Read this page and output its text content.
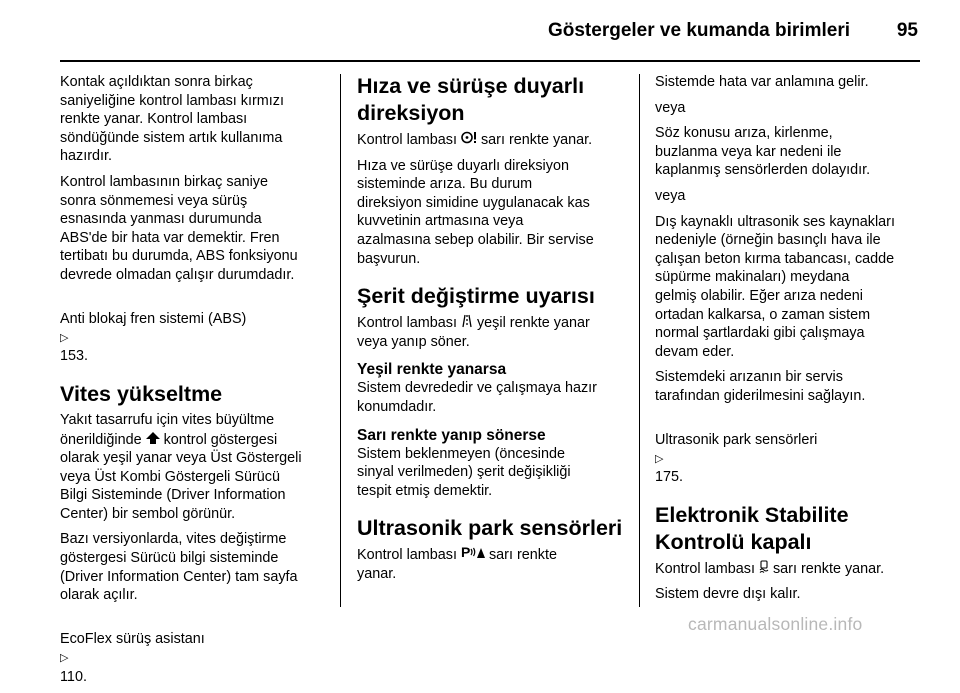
Göstergeler ve kumanda birimleri 95

Kontak açıldıktan sonra birkaç
saniyeliğine kontrol lambası kırmızı
renkte yanar. Kontrol lambası
söndüğünde sistem artık kullanıma
hazırdır.

Kontrol lambasının birkaç saniye
sonra sönmemesi veya sürüş
esnasında yanması durumunda
ABS'de bir hata var demektir. Fren
tertibatı bu durumda, ABS fonksiyonu
devrede olmadan çalışır durumdadır.

Anti blokaj fren sistemi (ABS)
▷
153.

Vites yükseltme

Yakıt tasarrufu için vites büyültme
önerildiğinde kontrol göstergesi
olarak yeşil yanar veya Üst Göstergeli
veya Üst Kombi Göstergeli Sürücü
Bilgi Sisteminde (Driver Information
Center) bir sembol görünür.

Bazı versiyonlarda, vites değiştirme
göstergesi Sürücü bilgi sisteminde
(Driver Information Center) tam sayfa
olarak açılır.

EcoFlex sürüş asistanı
▷
110.

Hıza ve sürüşe duyarlı
direksiyon

Kontrol lambası sarı renkte yanar.

Hıza ve sürüşe duyarlı direksiyon
sisteminde arıza. Bu durum
direksiyon simidine uygulanacak kas
kuvvetinin artmasına veya
azalmasına sebep olabilir. Bir servise
başvurun.

Şerit değiştirme uyarısı

Kontrol lambası yeşil renkte yanar
veya yanıp söner.

Yeşil renkte yanarsa

Sistem devrededir ve çalışmaya hazır
konumdadır.

Sarı renkte yanıp sönerse

Sistem beklenmeyen (öncesinde
sinyal verilmeden) şerit değişikliği
tespit etmiş demektir.

Ultrasonik park sensörleri

Kontrol lambası P sarı renkte
yanar.

Sistemde hata var anlamına gelir.

veya

Söz konusu arıza, kirlenme,
buzlanma veya kar nedeni ile
kaplanmış sensörlerden dolayıdır.

veya

Dış kaynaklı ultrasonik ses kaynakları
nedeniyle (örneğin basınçlı hava ile
çalışan beton kırma tabancası, cadde
süpürme makinaları) meydana
gelmiş olabilir. Eğer arıza nedeni
ortadan kalkarsa, o zaman sistem
normal şartlardaki gibi çalışmaya
devam eder.

Sistemdeki arızanın bir servis
tarafından giderilmesini sağlayın.

Ultrasonik park sensörleri
▷
175.

Elektronik Stabilite
Kontrolü kapalı

Kontrol lambası sarı renkte yanar.

Sistem devre dışı kalır.

carmanualsonline.info
